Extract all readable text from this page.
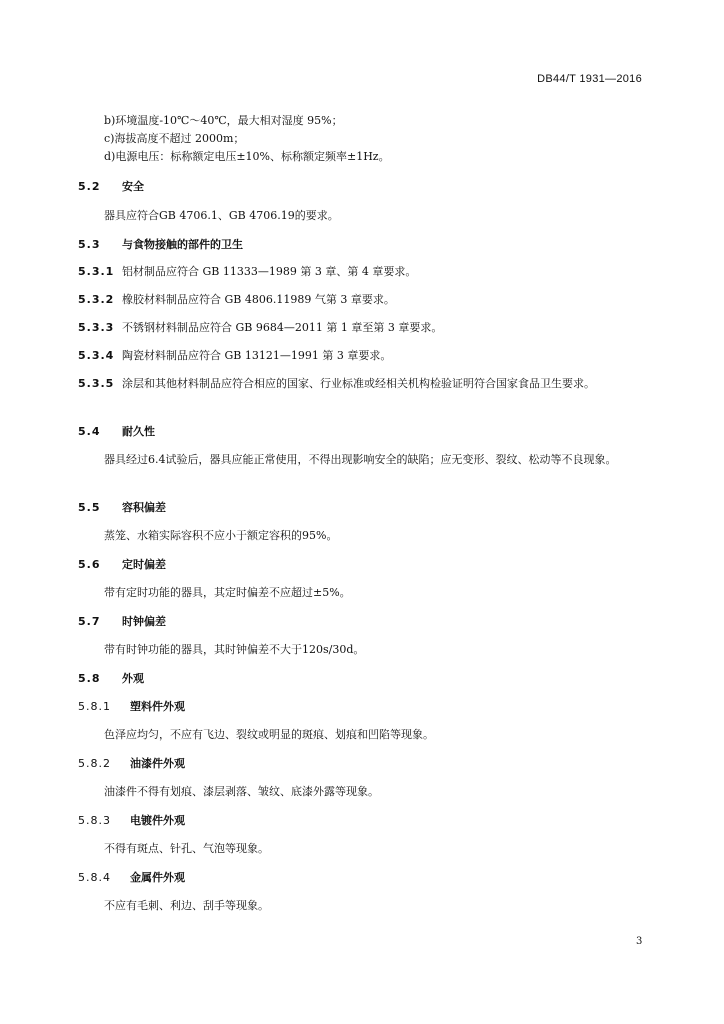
DB44/T 1931—2016
b)环境温度-10℃～40℃，最大相对湿度 95%；
c)海拔高度不超过 2000m；
d)电源电压：标称额定电压±10%、标称额定频率±1Hz。
5.2 安全
器具应符合GB 4706.1、GB 4706.19的要求。
5.3 与食物接触的部件的卫生
5.3.1 铝材制品应符合 GB 11333—1989 第 3 章、第 4 章要求。
5.3.2 橡胶材料制品应符合 GB 4806.11989 气第 3 章要求。
5.3.3 不锈钢材料制品应符合 GB 9684—2011 第 1 章至第 3 章要求。
5.3.4 陶瓷材料制品应符合 GB 13121—1991 第 3 章要求。
5.3.5 涂层和其他材料制品应符合相应的国家、行业标准或经相关机构检验证明符合国家食品卫生要求。
5.4 耐久性
器具经过6.4试验后，器具应能正常使用，不得出现影响安全的缺陷；应无变形、裂纹、松动等不良现象。
5.5 容积偏差
蒸笼、水箱实际容积不应小于额定容积的95%。
5.6 定时偏差
带有定时功能的器具，其定时偏差不应超过±5%。
5.7 时钟偏差
带有时钟功能的器具，其时钟偏差不大于120s/30d。
5.8 外观
5.8.1 塑料件外观
色泽应均匀，不应有飞边、裂纹或明显的斑痕、划痕和凹陷等现象。
5.8.2 油漆件外观
油漆件不得有划痕、漆层剥落、皱纹、底漆外露等现象。
5.8.3 电镀件外观
不得有斑点、针孔、气泡等现象。
5.8.4 金属件外观
不应有毛刺、利边、刮手等现象。
3
